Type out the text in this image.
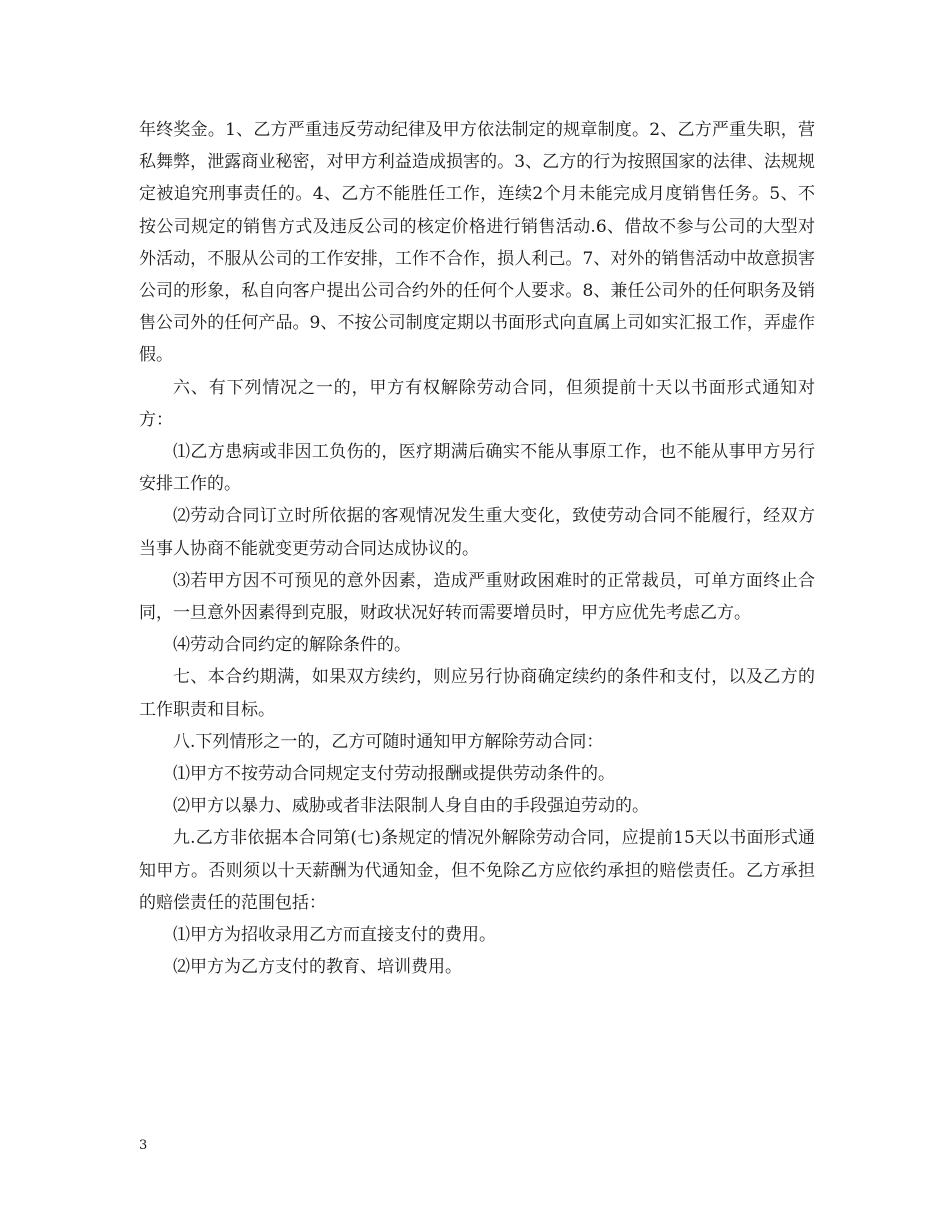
年终奖金。1、乙方严重违反劳动纪律及甲方依法制定的规章制度。2、乙方严重失职，营私舞弊，泄露商业秘密，对甲方利益造成损害的。3、乙方的行为按照国家的法律、法规规定被追究刑事责任的。4、乙方不能胜任工作，连续2个月未能完成月度销售任务。5、不按公司规定的销售方式及违反公司的核定价格进行销售活动.6、借故不参与公司的大型对外活动，不服从公司的工作安排，工作不合作，损人利己。7、对外的销售活动中故意损害公司的形象，私自向客户提出公司合约外的任何个人要求。8、兼任公司外的任何职务及销售公司外的任何产品。9、不按公司制度定期以书面形式向直属上司如实汇报工作，弄虚作假。

六、有下列情况之一的，甲方有权解除劳动合同，但须提前十天以书面形式通知对方：

⑴乙方患病或非因工负伤的，医疗期满后确实不能从事原工作，也不能从事甲方另行安排工作的。

⑵劳动合同订立时所依据的客观情况发生重大变化，致使劳动合同不能履行，经双方当事人协商不能就变更劳动合同达成协议的。

⑶若甲方因不可预见的意外因素，造成严重财政困难时的正常裁员，可单方面终止合同，一旦意外因素得到克服，财政状况好转而需要增员时，甲方应优先考虑乙方。

⑷劳动合同约定的解除条件的。

七、本合约期满，如果双方续约，则应另行协商确定续约的条件和支付，以及乙方的工作职责和目标。

八.下列情形之一的，乙方可随时通知甲方解除劳动合同：

⑴甲方不按劳动合同规定支付劳动报酬或提供劳动条件的。

⑵甲方以暴力、威胁或者非法限制人身自由的手段强迫劳动的。

九.乙方非依据本合同第(七)条规定的情况外解除劳动合同，应提前15天以书面形式通知甲方。否则须以十天薪酬为代通知金，但不免除乙方应依约承担的赔偿责任。乙方承担的赔偿责任的范围包括：

⑴甲方为招收录用乙方而直接支付的费用。

⑵甲方为乙方支付的教育、培训费用。

3
